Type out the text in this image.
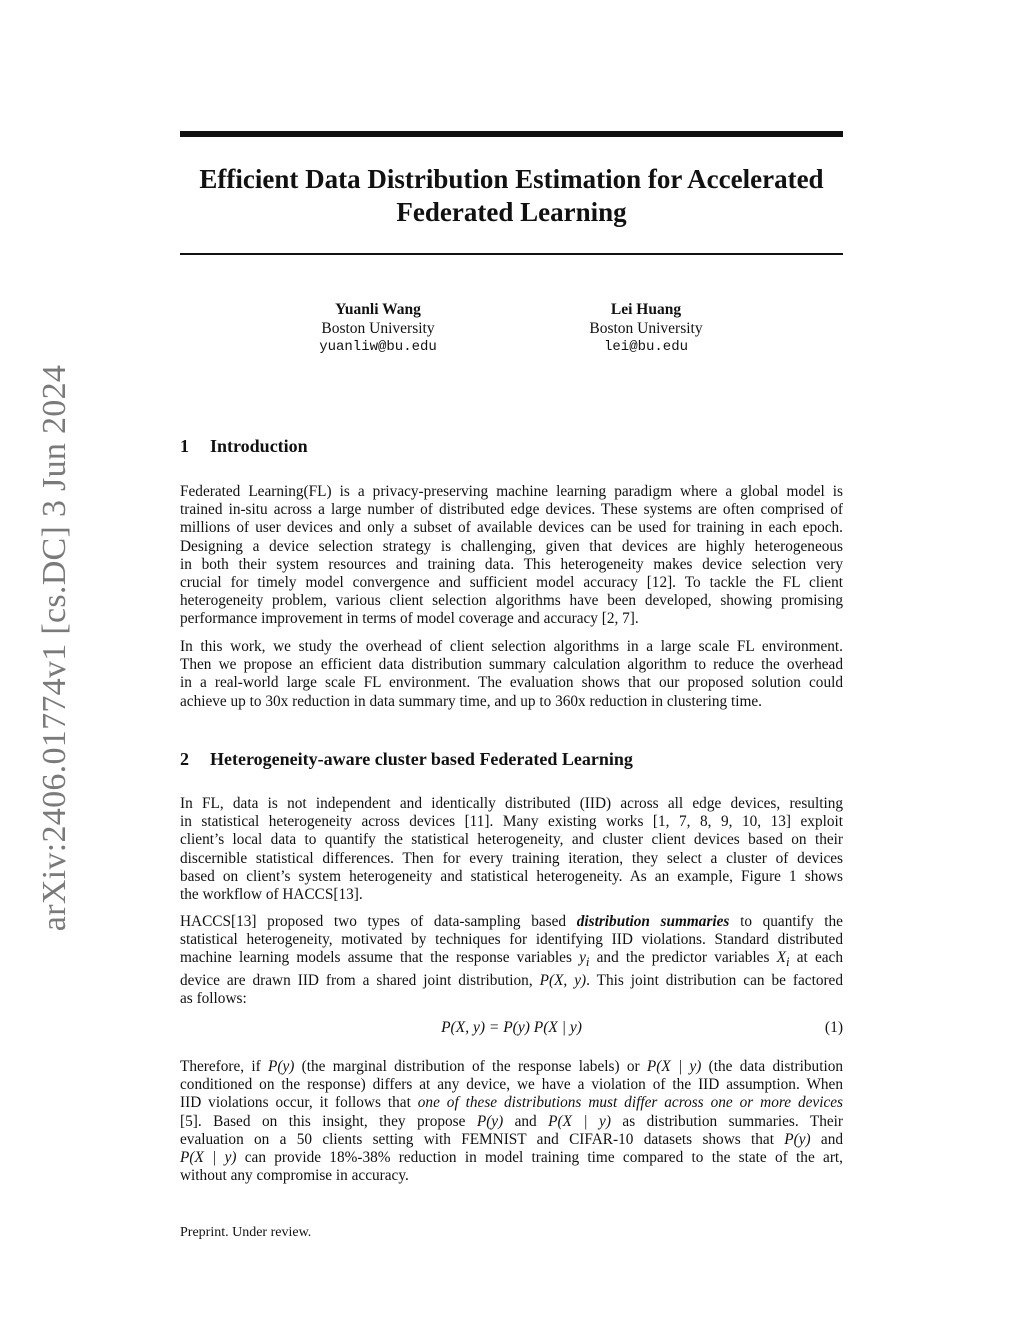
arXiv:2406.01774v1 [cs.DC] 3 Jun 2024
Efficient Data Distribution Estimation for Accelerated
Federated Learning
Yuanli Wang
Boston University
yuanliw@bu.edu
Lei Huang
Boston University
lei@bu.edu
1 Introduction

Federated Learning(FL) is a privacy-preserving machine learning paradigm where a global model is
trained in-situ across a large number of distributed edge devices. These systems are often comprised of
millions of user devices and only a subset of available devices can be used for training in each epoch.
Designing a device selection strategy is challenging, given that devices are highly heterogeneous
in both their system resources and training data. This heterogeneity makes device selection very
crucial for timely model convergence and sufficient model accuracy [12]. To tackle the FL client
heterogeneity problem, various client selection algorithms have been developed, showing promising
performance improvement in terms of model coverage and accuracy [2, 7].

In this work, we study the overhead of client selection algorithms in a large scale FL environment.
Then we propose an efficient data distribution summary calculation algorithm to reduce the overhead
in a real-world large scale FL environment. The evaluation shows that our proposed solution could
achieve up to 30x reduction in data summary time, and up to 360x reduction in clustering time.

2 Heterogeneity-aware cluster based Federated Learning

In FL, data is not independent and identically distributed (IID) across all edge devices, resulting
in statistical heterogeneity across devices [11]. Many existing works [1, 7, 8, 9, 10, 13] exploit
client’s local data to quantify the statistical heterogeneity, and cluster client devices based on their
discernible statistical differences. Then for every training iteration, they select a cluster of devices
based on client’s system heterogeneity and statistical heterogeneity. As an example, Figure 1 shows
the workflow of HACCS[13].

HACCS[13] proposed two types of data-sampling based distribution summaries to quantify the
statistical heterogeneity, motivated by techniques for identifying IID violations. Standard distributed
machine learning models assume that the response variables $y_i$ and the predictor variables $X_i$ at each
device are drawn IID from a shared joint distribution, P(X, y). This joint distribution can be factored
as follows:

P(X, y) = P(y) P(X | y)	(1)

Therefore, if P(y) (the marginal distribution of the response labels) or P(X | y) (the data distribution
conditioned on the response) differs at any device, we have a violation of the IID assumption. When
IID violations occur, it follows that one of these distributions must differ across one or more devices
[5]. Based on this insight, they propose P(y) and P(X | y) as distribution summaries. Their
evaluation on a 50 clients setting with FEMNIST and CIFAR-10 datasets shows that P(y) and
P(X | y) can provide 18%-38% reduction in model training time compared to the state of the art,
without any compromise in accuracy.

Preprint. Under review.
